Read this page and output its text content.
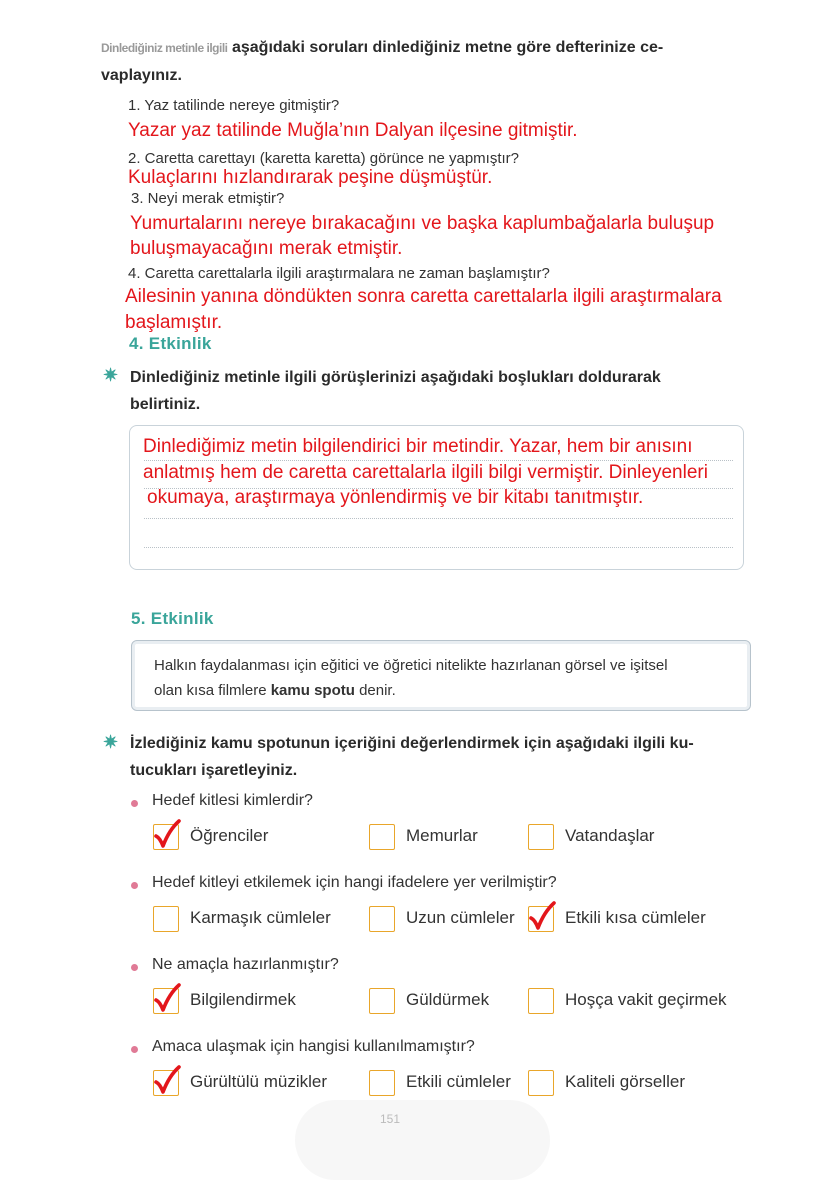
Dinlediğiniz metinle ilgili aşağıdaki soruları dinlediğiniz metne göre defterinize ce-
vaplayınız.
1. Yaz tatilinde nereye gitmiştir?
Yazar yaz tatilinde Muğla’nın Dalyan ilçesine gitmiştir.
2. Caretta carettayı (karetta karetta) görünce ne yapmıştır?
Kulaçlarını hızlandırarak peşine düşmüştür.
3. Neyi merak etmiştir?
Yumurtalarını nereye bırakacağını ve başka kaplumbağalarla buluşup
buluşmayacağını merak etmiştir.
4. Caretta carettalarla ilgili araştırmalara ne zaman başlamıştır?
Ailesinin yanına döndükten sonra caretta carettalarla ilgili araştırmalara
başlamıştır.
4. Etkinlik
✷ Dinlediğiniz metinle ilgili görüşlerinizi aşağıdaki boşlukları doldurarak
belirtiniz.
Dinlediğimiz metin bilgilendirici bir metindir. Yazar, hem bir anısını
anlatmış hem de caretta carettalarla ilgili bilgi vermiştir. Dinleyenleri
okumaya, araştırmaya yönlendirmiş ve bir kitabı tanıtmıştır.
5. Etkinlik
Halkın faydalanması için eğitici ve öğretici nitelikte hazırlanan görsel ve işitsel
olan kısa filmlere kamu spotu denir.
✷ İzlediğiniz kamu spotunun içeriğini değerlendirmek için aşağıdaki ilgili ku-
tucukları işaretleyiniz.
Hedef kitlesi kimlerdir?
Öğrenciler	Memurlar	Vatandaşlar
Hedef kitleyi etkilemek için hangi ifadelere yer verilmiştir?
Karmaşık cümleler	Uzun cümleler	Etkili kısa cümleler
Ne amaçla hazırlanmıştır?
Bilgilendirmek	Güldürmek	Hoşça vakit geçirmek
Amaca ulaşmak için hangisi kullanılmamıştır?
Gürültülü müzikler	Etkili cümleler	Kaliteli görseller
151
